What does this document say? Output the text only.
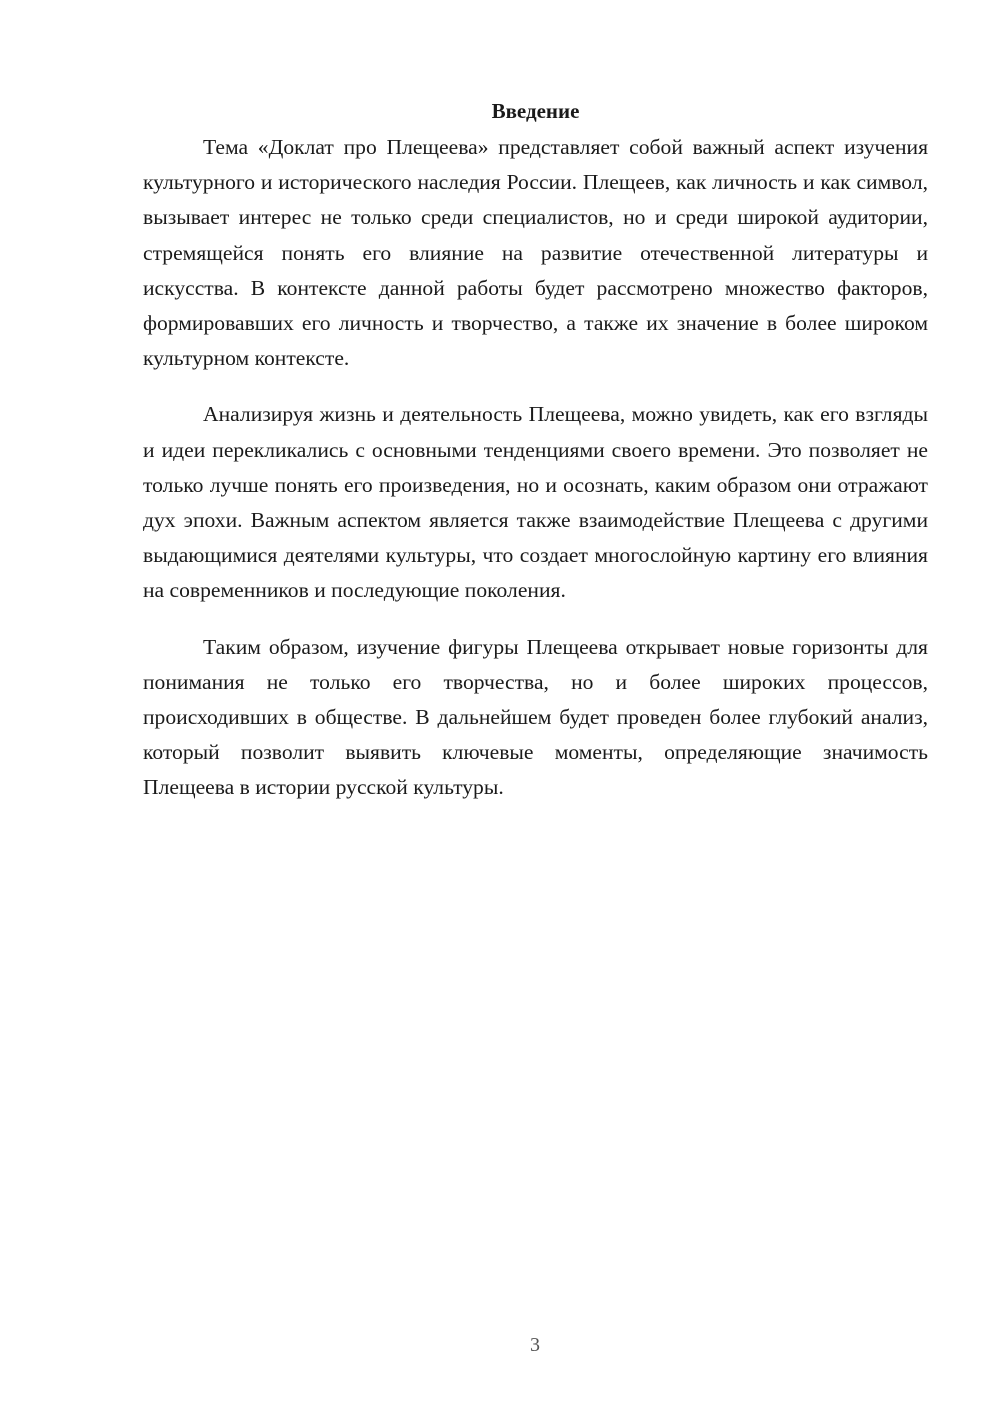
Введение

Тема «Доклат про Плещеева» представляет собой важный аспект изучения культурного и исторического наследия России. Плещеев, как личность и как символ, вызывает интерес не только среди специалистов, но и среди широкой аудитории, стремящейся понять его влияние на развитие отечественной литературы и искусства. В контексте данной работы будет рассмотрено множество факторов, формировавших его личность и творчество, а также их значение в более широком культурном контексте.

Анализируя жизнь и деятельность Плещеева, можно увидеть, как его взгляды и идеи перекликались с основными тенденциями своего времени. Это позволяет не только лучше понять его произведения, но и осознать, каким образом они отражают дух эпохи. Важным аспектом является также взаимодействие Плещеева с другими выдающимися деятелями культуры, что создает многослойную картину его влияния на современников и последующие поколения.

Таким образом, изучение фигуры Плещеева открывает новые горизонты для понимания не только его творчества, но и более широких процессов, происходивших в обществе. В дальнейшем будет проведен более глубокий анализ, который позволит выявить ключевые моменты, определяющие значимость Плещеева в истории русской культуры.

3
